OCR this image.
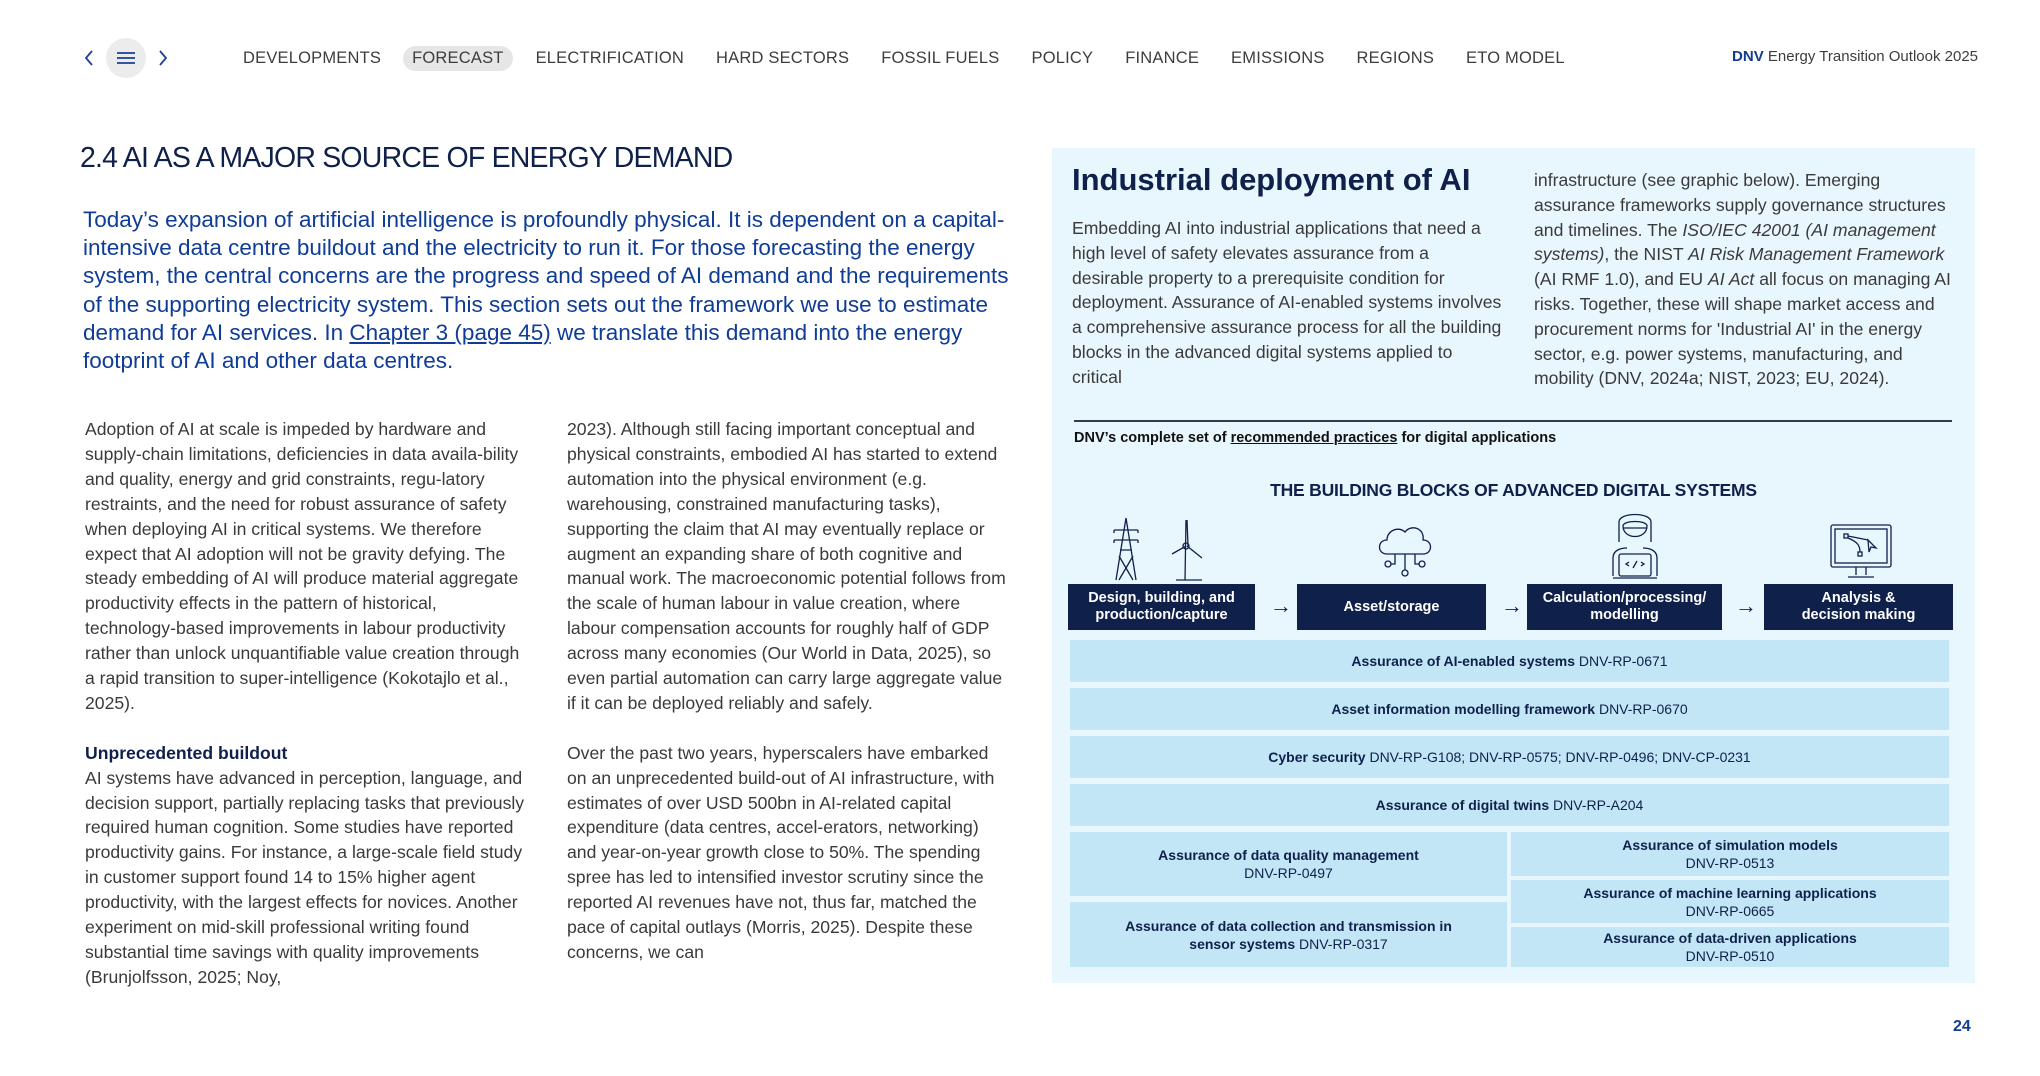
DEVELOPMENTS	FORECAST	ELECTRIFICATION HARD SECTORS FOSSIL FUELS POLICY FINANCE EMISSIONS REGIONS ETO MODEL	DNV Energy Transition Outlook 2025
2.4 AI AS A MAJOR SOURCE OF ENERGY DEMAND

Today’s expansion of artificial intelligence is profoundly physical. It is dependent on a capital-intensive data centre buildout and the electricity to run it. For those forecasting the energy system, the central concerns are the progress and speed of AI demand and the requirements of the supporting electricity system. This section sets out the framework we use to estimate demand for AI services. In Chapter 3 (page 45) we translate this demand into the energy footprint of AI and other data centres.

Adoption of AI at scale is impeded by hardware and supply-chain limitations, deficiencies in data availa-bility and quality, energy and grid constraints, regu-latory restraints, and the need for robust assurance of safety when deploying AI in critical systems. We therefore expect that AI adoption will not be gravity defying. The steady embedding of AI will produce material aggregate productivity effects in the pattern of historical, technology-based improvements in labour productivity rather than unlock unquantifiable value creation through a rapid transition to super-intelligence (Kokotajlo et al., 2025).

Unprecedented buildout

AI systems have advanced in perception, language, and decision support, partially replacing tasks that previously required human cognition. Some studies have reported productivity gains. For instance, a large-scale field study in customer support found 14 to 15% higher agent productivity, with the largest effects for novices. Another experiment on mid-skill professional writing found substantial time savings with quality improvements (Brunjolfsson, 2025; Noy,

2023). Although still facing important conceptual and physical constraints, embodied AI has started to extend automation into the physical environment (e.g. warehousing, constrained manufacturing tasks), supporting the claim that AI may eventually replace or augment an expanding share of both cognitive and manual work. The macroeconomic potential follows from the scale of human labour in value creation, where labour compensation accounts for roughly half of GDP across many economies (Our World in Data, 2025), so even partial automation can carry large aggregate value if it can be deployed reliably and safely.

Over the past two years, hyperscalers have embarked on an unprecedented build-out of AI infrastructure, with estimates of over USD 500bn in AI-related capital expenditure (data centres, accel-erators, networking) and year-on-year growth close to 50%. The spending spree has led to intensified investor scrutiny since the reported AI revenues have not, thus far, matched the pace of capital outlays (Morris, 2025). Despite these concerns, we can

Industrial deployment of AI

Embedding AI into industrial applications that need a high level of safety elevates assurance from a desirable property to a prerequisite condition for deployment. Assurance of AI-enabled systems involves a comprehensive assurance process for all the building blocks in the advanced digital systems applied to critical

infrastructure (see graphic below). Emerging assurance frameworks supply governance structures and timelines. The ISO/IEC 42001 (AI management systems), the NIST AI Risk Management Framework (AI RMF 1.0), and EU AI Act all focus on managing AI risks. Together, these will shape market access and procurement norms for 'Industrial AI' in the energy sector, e.g. power systems, manufacturing, and mobility (DNV, 2024a; NIST, 2023; EU, 2024).

DNV’s complete set of recommended practices for digital applications
THE BUILDING BLOCKS OF ADVANCED DIGITAL SYSTEMS
Design, building, and
production/capture	→	Asset/storage	→ Calculation/processing/
modelling	→	Analysis &
decision making
Assurance of AI-enabled systems DNV-RP-0671
Asset information modelling framework DNV-RP-0670
Cyber security DNV-RP-G108; DNV-RP-0575; DNV-RP-0496; DNV-CP-0231
Assurance of digital twins DNV-RP-A204
Assurance of data quality management
DNV-RP-0497
Assurance of data collection and transmission in
sensor systems DNV-RP-0317
Assurance of simulation models
DNV-RP-0513
Assurance of machine learning applications
DNV-RP-0665
Assurance of data-driven applications
DNV-RP-0510
24
